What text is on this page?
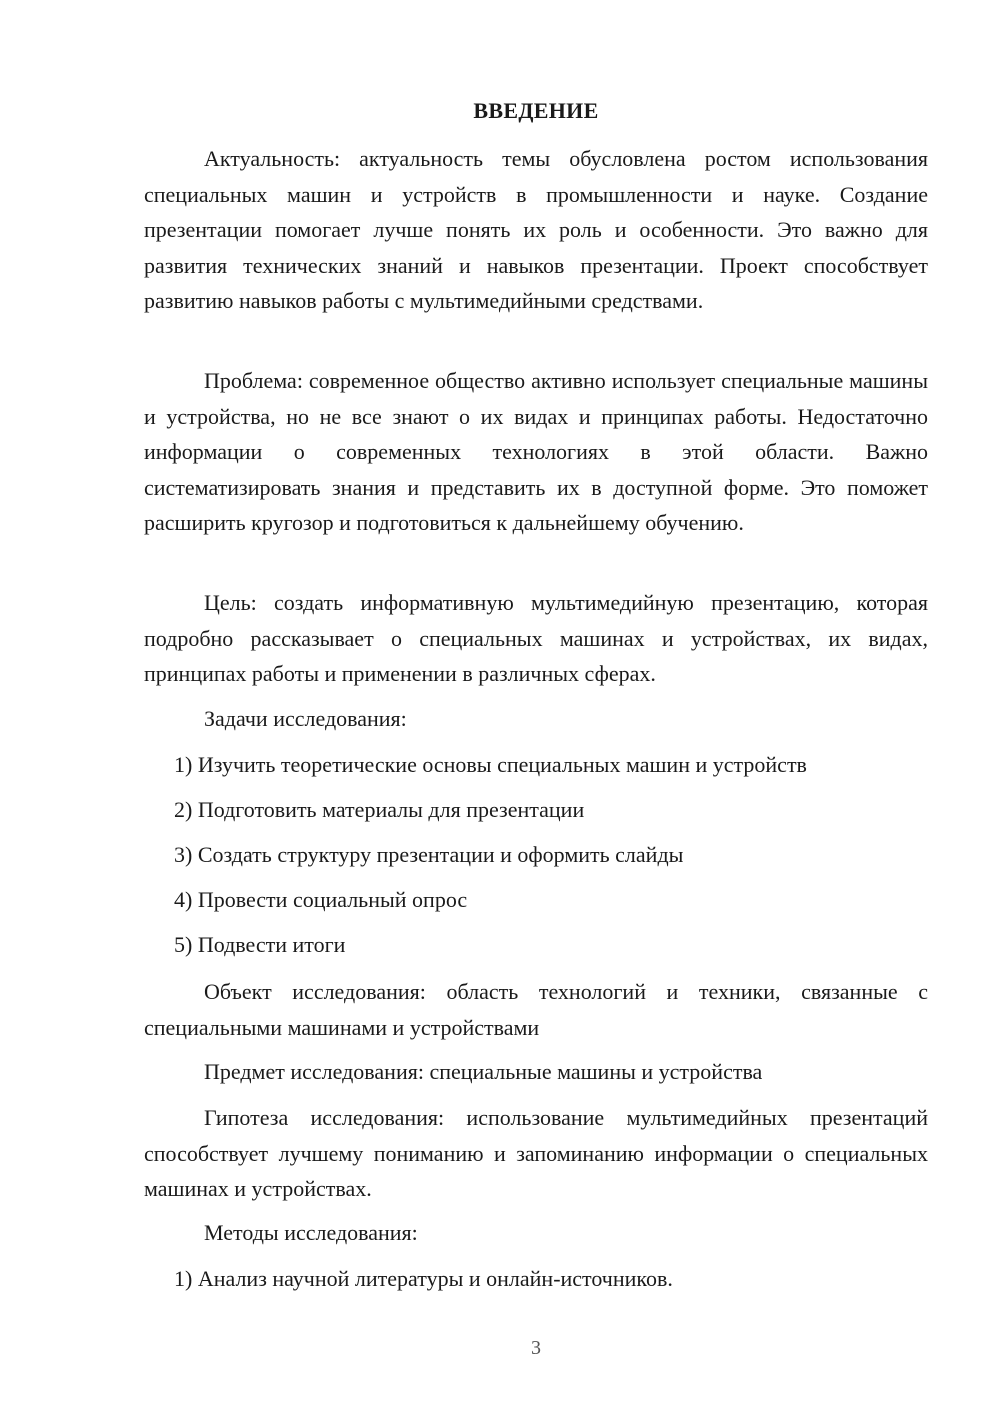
ВВЕДЕНИЕ

Актуальность: актуальность темы обусловлена ростом использования специальных машин и устройств в промышленности и науке. Создание презентации помогает лучше понять их роль и особенности. Это важно для развития технических знаний и навыков презентации. Проект способствует развитию навыков работы с мультимедийными средствами.

Проблема: современное общество активно использует специальные машины и устройства, но не все знают о их видах и принципах работы. Недостаточно информации о современных технологиях в этой области. Важно систематизировать знания и представить их в доступной форме. Это поможет расширить кругозор и подготовиться к дальнейшему обучению.

Цель: создать информативную мультимедийную презентацию, которая подробно рассказывает о специальных машинах и устройствах, их видах, принципах работы и применении в различных сферах.

Задачи исследования:

1) Изучить теоретические основы специальных машин и устройств

2) Подготовить материалы для презентации

3) Создать структуру презентации и оформить слайды

4) Провести социальный опрос

5) Подвести итоги

Объект исследования: область технологий и техники, связанные с специальными машинами и устройствами

Предмет исследования: специальные машины и устройства

Гипотеза исследования: использование мультимедийных презентаций способствует лучшему пониманию и запоминанию информации о специальных машинах и устройствах.

Методы исследования:

1) Анализ научной литературы и онлайн-источников.

3
